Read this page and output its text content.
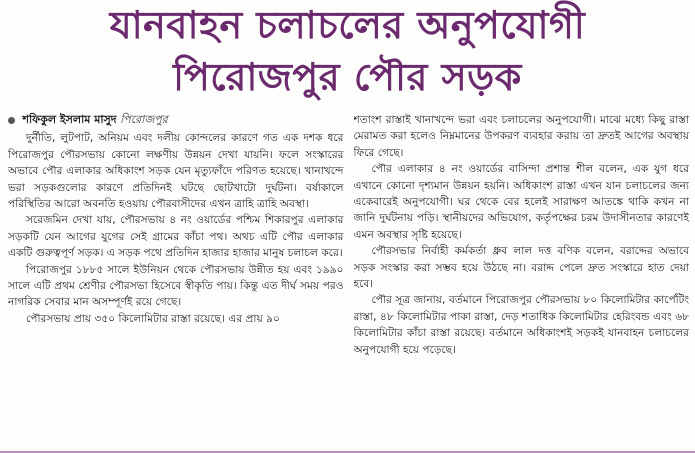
যানবাহন চলাচলের অনুপযোগী
পিরোজপুর পৌর সড়ক
শফিকুল ইসলাম মাসুদ পিরোজপুর

দুর্নীতি, লুটপাট, অনিয়ম এবং দলীয় কোন্দলের কারণে গত এক দশক ধরে পিরোজপুর পৌরসভায় কোনো লক্ষণীয় উন্নয়ন দেখা যায়নি। ফলে সংস্কারের অভাবে পৌর এলাকার অধিকাংশ সড়ক যেন মৃত্যুফাঁদে পরিণত হয়েছে। খানাখন্দে ভরা সড়কগুলোর কারণে প্রতিদিনই ঘটছে ছোটখাটো দুর্ঘটনা। বর্ষাকালে পরিস্থিতির আরো অবনতি হওয়ায় পৌরবাসীদের এখন ত্রাহি ত্রাহি অবস্থা।

সরেজমিন দেখা যায়, পৌরসভায় ৪ নং ওয়ার্ডের পশ্চিম শিকারপুর এলাকার সড়কটি যেন আগের যুগের সেই গ্রামের কাঁচা পথ। অথচ এটি পৌর এলাকার একটি গুরুত্বপূর্ণ সড়ক। এ সড়ক পথে প্রতিদিন হাজার হাজার মানুষ চলাচল করে।

পিরোজপুর ১৮৮৫ সালে ইউনিয়ন থেকে পৌরসভায় উন্নীত হয় এবং ১৯৯০ সালে এটি প্রথম শ্রেণীর পৌরসভা হিসেবে স্বীকৃতি পায়। কিন্তু এত দীর্ঘ সময় পরও নাগরিক সেবার মান অসম্পূর্ণই রয়ে গেছে।

পৌরসভায় প্রায় ৩৫০ কিলোমিটার রাস্তা রয়েছে। এর প্রায় ৯০

শতাংশ রাস্তাই খানাখন্দে ভরা এবং চলাচলের অনুপযোগী। মাঝে মধ্যে কিছু রাস্তা মেরামত করা হলেও নিম্নমানের উপকরণ ব্যবহার করায় তা দ্রুতই আগের অবস্থায় ফিরে গেছে।

পৌর এলাকার ৪ নং ওয়ার্ডের বাসিন্দা প্রশান্ত শীল বলেন, এক যুগ ধরে এখানে কোনো দৃশ্যমান উন্নয়ন হয়নি। অধিকাংশ রাস্তা এখন যান চলাচলের জন্য একেবারেই অনুপযোগী। ঘর থেকে বের হলেই সারাক্ষণ আতঙ্কে থাকি কখন না জানি দুর্ঘটনায় পড়ি। স্থানীয়দের অভিযোগ, কর্তৃপক্ষের চরম উদাসীনতার কারণেই এমন অবস্থার সৃষ্টি হয়েছে।

পৌরসভার নির্বাহী কর্মকর্তা ধ্রুব লাল দত্ত বণিক বলেন, বরাদ্দের অভাবে সড়ক সংস্কার করা সম্ভব হয়ে উঠছে না। বরাদ্দ পেলে দ্রুত সংস্কারে হাত দেয়া হবে।

পৌর সূত্র জানায়, বর্তমানে পিরোজপুর পৌরসভায় ৮০ কিলোমিটার কার্পেটিং রাস্তা, ৪৮ কিলোমিটার পাকা রাস্তা, দেড় শতাধিক কিলোমিটার হেরিংবন্ড এবং ৬৮ কিলোমিটার কাঁচা রাস্তা রয়েছে। বর্তমানে অধিকাংশই সড়কই যানবাহন চলাচলের অনুপযোগী হয়ে পড়েছে।
